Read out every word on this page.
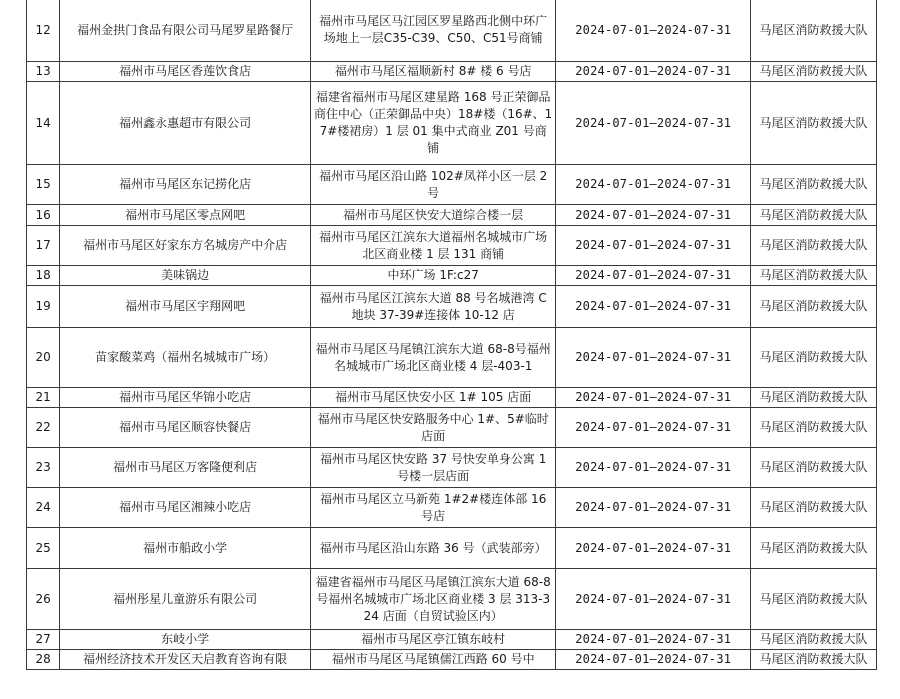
12	福州金拱门食品有限公司马尾罗星路餐厅	福州市马尾区马江园区罗星路西北侧中环广场地上一层C35-C39、C50、C51号商铺	2024-07-01—2024-07-31	马尾区消防救援大队
13	福州市马尾区香莲饮食店	福州市马尾区福顺新村 8# 楼 6 号店	2024-07-01—2024-07-31	马尾区消防救援大队
14	福州鑫永惠超市有限公司	福建省福州市马尾区建星路 168 号正荣御品商住中心（正荣御品中央）18#楼（16#、17#楼裙房）1 层 01 集中式商业 Z01 号商铺	2024-07-01—2024-07-31	马尾区消防救援大队
15	福州市马尾区东记捞化店	福州市马尾区沿山路 102#凤祥小区一层 2 号	2024-07-01—2024-07-31	马尾区消防救援大队
16	福州市马尾区零点网吧	福州市马尾区快安大道综合楼一层	2024-07-01—2024-07-31	马尾区消防救援大队
17	福州市马尾区好家东方名城房产中介店	福州市马尾区江滨东大道福州名城城市广场北区商业楼 1 层 131 商铺	2024-07-01—2024-07-31	马尾区消防救援大队
18	美味锅边	中环广场 1F:c27	2024-07-01—2024-07-31	马尾区消防救援大队
19	福州市马尾区宇翔网吧	福州市马尾区江滨东大道 88 号名城港湾 C 地块 37-39#连接体 10-12 店	2024-07-01—2024-07-31	马尾区消防救援大队
20	苗家酸菜鸡（福州名城城市广场）	福州市马尾区马尾镇江滨东大道 68-8号福州名城城市广场北区商业楼 4 层-403-1	2024-07-01—2024-07-31	马尾区消防救援大队
21	福州市马尾区华锦小吃店	福州市马尾区快安小区 1# 105 店面	2024-07-01—2024-07-31	马尾区消防救援大队
22	福州市马尾区顺容快餐店	福州市马尾区快安路服务中心 1#、5#临时店面	2024-07-01—2024-07-31	马尾区消防救援大队
23	福州市马尾区万客隆便利店	福州市马尾区快安路 37 号快安单身公寓 1 号楼一层店面	2024-07-01—2024-07-31	马尾区消防救援大队
24	福州市马尾区湘辣小吃店	福州市马尾区立马新苑 1#2#楼连体部 16 号店	2024-07-01—2024-07-31	马尾区消防救援大队
25	福州市船政小学	福州市马尾区沿山东路 36 号（武装部旁）	2024-07-01—2024-07-31	马尾区消防救援大队
26	福州彤星儿童游乐有限公司	福建省福州市马尾区马尾镇江滨东大道 68-8 号福州名城城市广场北区商业楼 3 层 313-324 店面（自贸试验区内）	2024-07-01—2024-07-31	马尾区消防救援大队
27	东岐小学	福州市马尾区亭江镇东岐村	2024-07-01—2024-07-31	马尾区消防救援大队
28	福州经济技术开发区天启教育咨询有限	福州市马尾区马尾镇儒江西路 60 号中	2024-07-01—2024-07-31	马尾区消防救援大队
